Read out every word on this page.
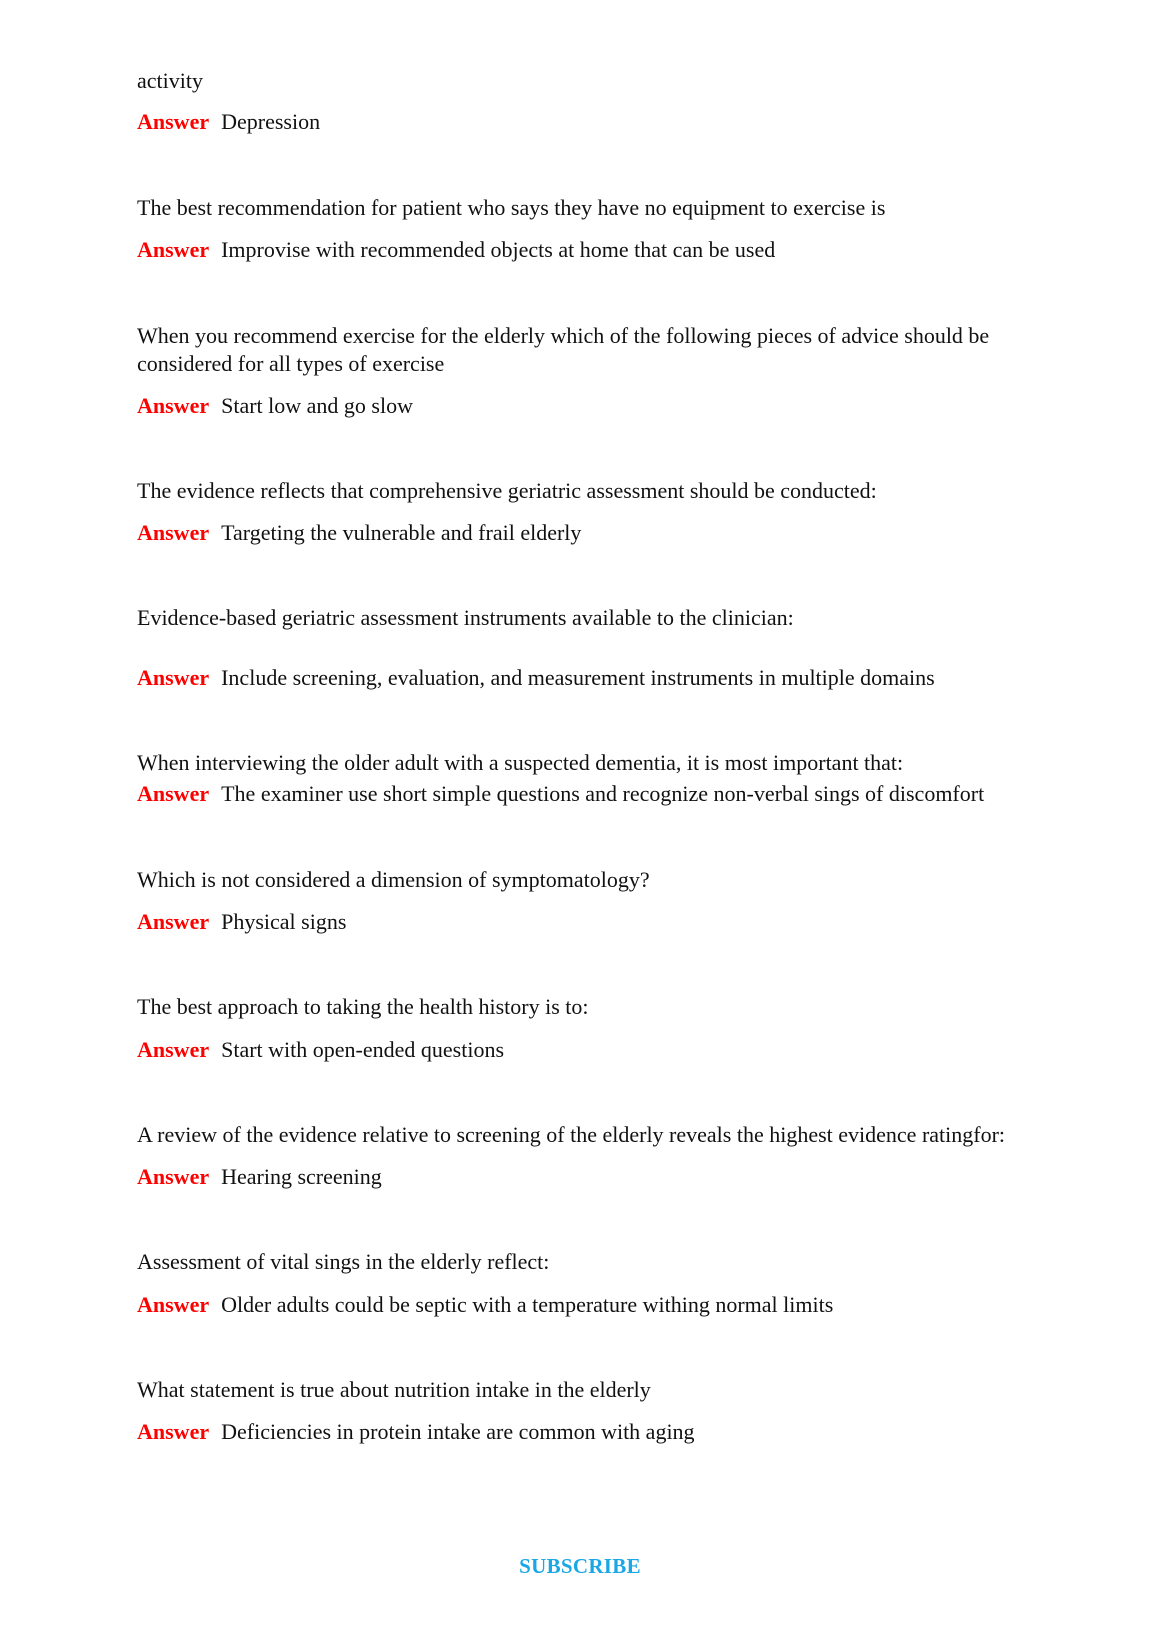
activity
Answer Depression
The best recommendation for patient who says they have no equipment to exercise is
Answer Improvise with recommended objects at home that can be used
When you recommend exercise for the elderly which of the following pieces of advice should be considered for all types of exercise
Answer Start low and go slow
The evidence reflects that comprehensive geriatric assessment should be conducted:
Answer Targeting the vulnerable and frail elderly
Evidence-based geriatric assessment instruments available to the clinician:
Answer Include screening, evaluation, and measurement instruments in multiple domains
When interviewing the older adult with a suspected dementia, it is most important that:
Answer The examiner use short simple questions and recognize non-verbal sings of discomfort
Which is not considered a dimension of symptomatology?
Answer Physical signs
The best approach to taking the health history is to:
Answer Start with open-ended questions
A review of the evidence relative to screening of the elderly reveals the highest evidence ratingfor:
Answer Hearing screening
Assessment of vital sings in the elderly reflect:
Answer Older adults could be septic with a temperature withing normal limits
What statement is true about nutrition intake in the elderly
Answer Deficiencies in protein intake are common with aging
SUBSCRIBE
